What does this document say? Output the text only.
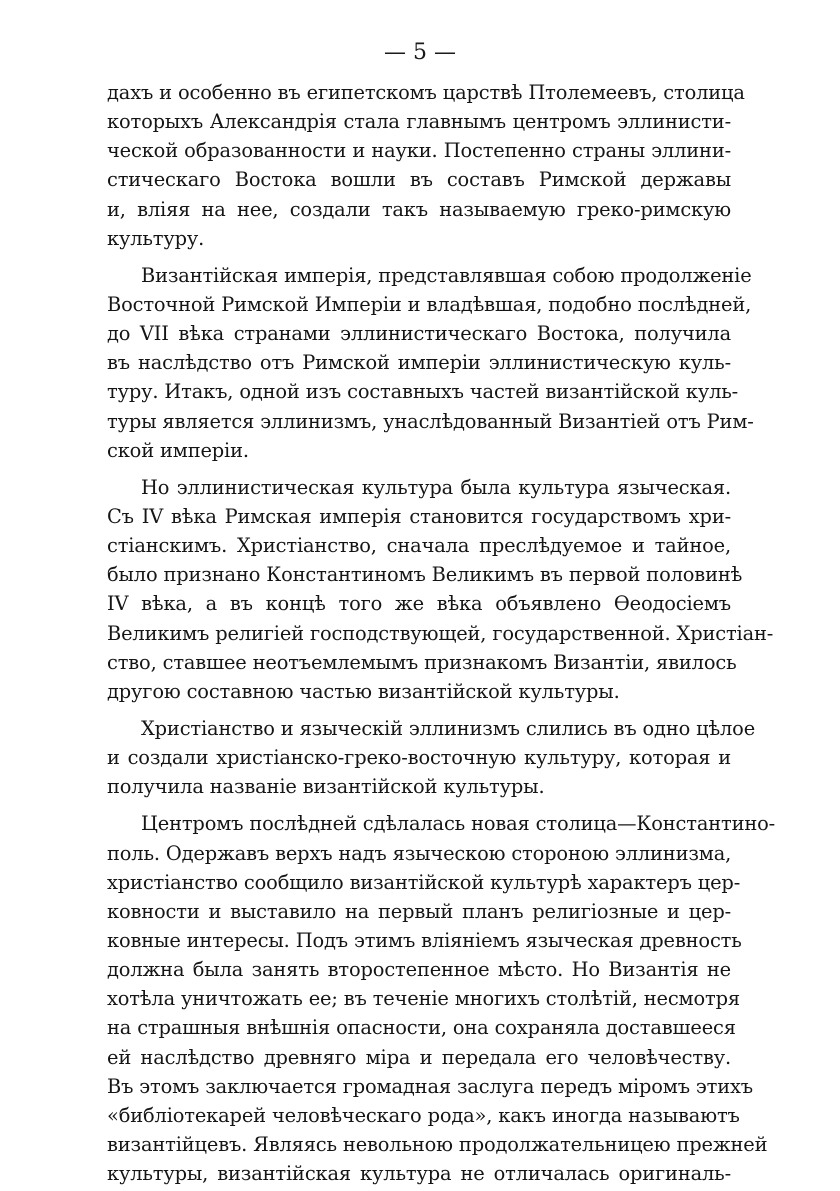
— 5 —
дахъ и особенно въ египетскомъ царствѣ Птолемеевъ, столица
которыхъ Александрія стала главнымъ центромъ эллинисти-
ческой образованности и науки. Постепенно страны эллини-
стическаго Востока вошли въ составъ Римской державы
и, вліяя на нее, создали такъ называемую греко-римскую
культуру.
Византійская имперія, представлявшая собою продолженіе
Восточной Римской Имперіи и владѣвшая, подобно послѣдней,
до VII вѣка странами эллинистическаго Востока, получила
въ наслѣдство отъ Римской имперіи эллинистическую куль-
туру. Итакъ, одной изъ составныхъ частей византійской куль-
туры является эллинизмъ, унаслѣдованный Византіей отъ Рим-
ской имперіи.
Но эллинистическая культура была культура языческая.
Съ IV вѣка Римская имперія становится государствомъ хри-
стіанскимъ. Христіанство, сначала преслѣдуемое и тайное,
было признано Константиномъ Великимъ въ первой половинѣ
IV вѣка, а въ концѣ того же вѣка объявлено Ѳеодосіемъ
Великимъ религіей господствующей, государственной. Христіан-
ство, ставшее неотъемлемымъ признакомъ Византіи, явилось
другою составною частью византійской культуры.
Христіанство и языческій эллинизмъ слились въ одно цѣлое
и создали христіанско-греко-восточную культуру, которая и
получила названіе византійской культуры.
Центромъ послѣдней сдѣлалась новая столица—Константино-
поль. Одержавъ верхъ надъ языческою стороною эллинизма,
христіанство сообщило византійской культурѣ характеръ цер-
ковности и выставило на первый планъ религіозные и цер-
ковные интересы. Подъ этимъ вліяніемъ языческая древность
должна была занять второстепенное мѣсто. Но Византія не
хотѣла уничтожать ее; въ теченіе многихъ столѣтій, несмотря
на страшныя внѣшнія опасности, она сохраняла доставшееся
ей наслѣдство древняго міра и передала его человѣчеству.
Въ этомъ заключается громадная заслуга передъ міромъ этихъ
«библіотекарей человѣческаго рода», какъ иногда называютъ
византійцевъ. Являясь невольною продолжательницею прежней
культуры, византійская культура не отличалась оригиналь-
